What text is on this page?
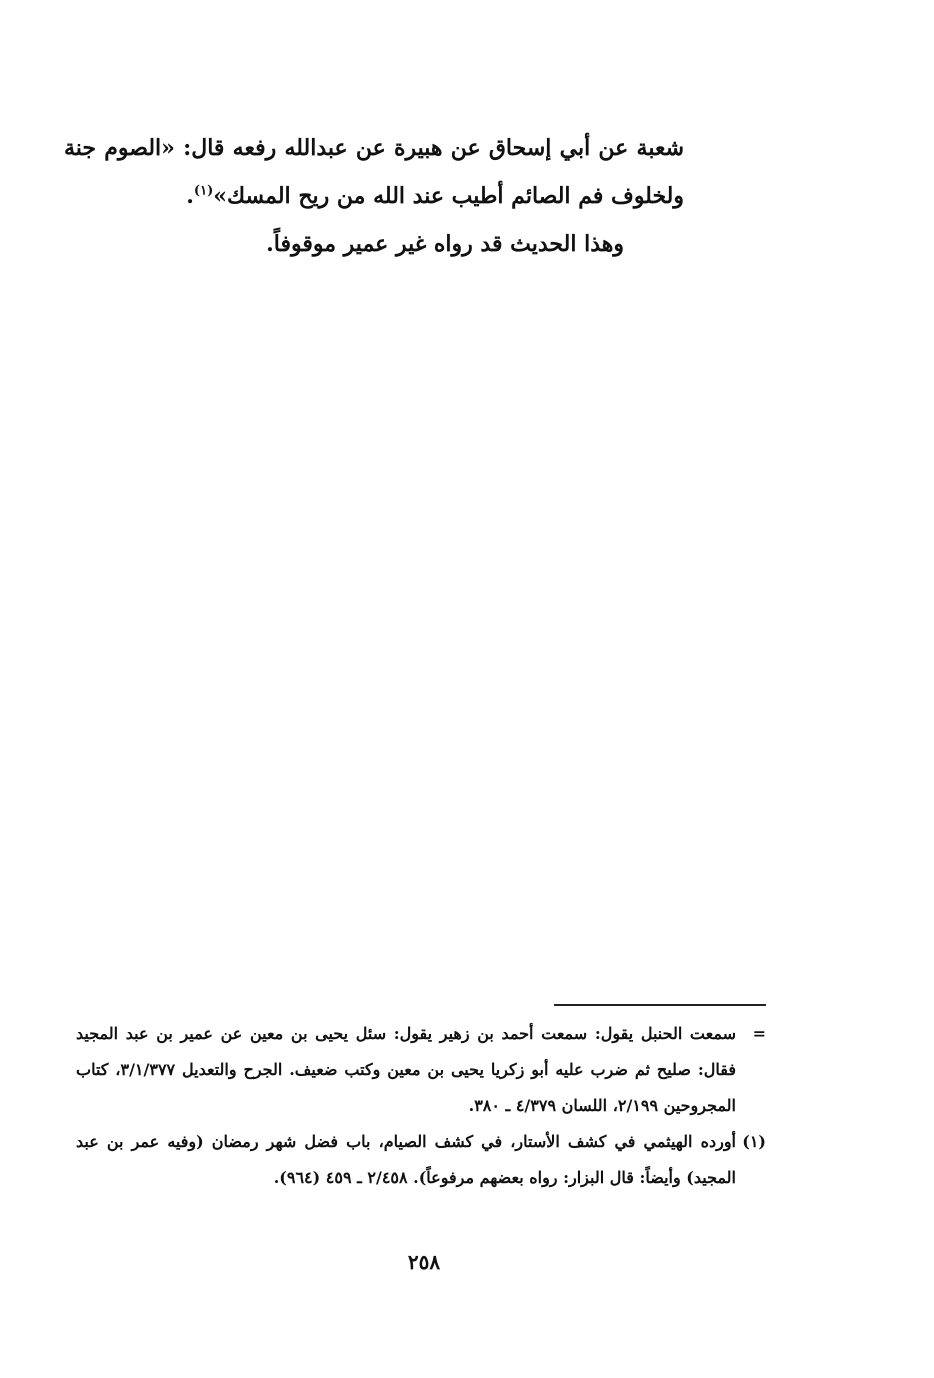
شعبة عن أبي إسحاق عن هبيرة عن عبدالله رفعه قال: «الصوم جنة ولخلوف فم الصائم أطيب عند الله من ريح المسك»$^{(١)}$.

وهذا الحديث قد رواه غير عمير موقوفاً.

=
سمعت الحنبل يقول: سمعت أحمد بن زهير يقول: سئل يحيى بن معين عن عمير بن عبد المجيد فقال: صليح ثم ضرب عليه أبو زكريا يحيى بن معين وكتب ضعيف. الجرح والتعديل ٣/١/٣٧٧، كتاب المجروحين ٢/١٩٩، اللسان ٤/٣٧٩ ـ ٣٨٠.

(١)
أورده الهيثمي في كشف الأستار، في كشف الصيام، باب فضل شهر رمضان (وفيه عمر بن عبد المجيد) وأيضاً: قال البزار: رواه بعضهم مرفوعاً). ٢/٤٥٨ ـ ٤٥٩ (٩٦٤).

٢٥٨
